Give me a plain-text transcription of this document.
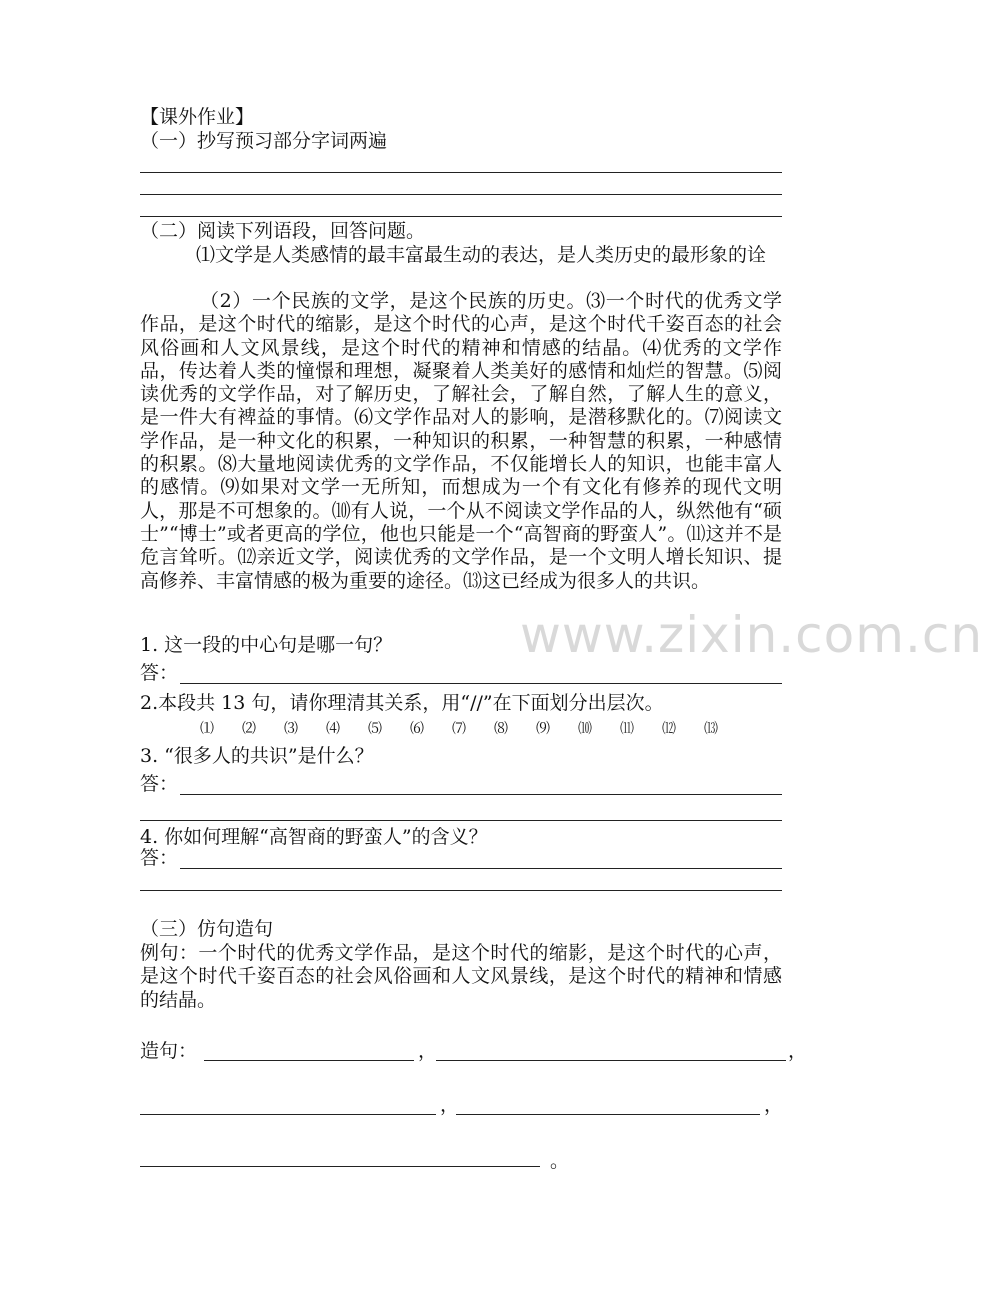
【课外作业】
（一）抄写预习部分字词两遍
（二）阅读下列语段，回答问题。
⑴文学是人类感情的最丰富最生动的表达，是人类历史的最形象的诠
（2）一个民族的文学，是这个民族的历史。⑶一个时代的优秀文学作品，是这个时代的缩影，是这个时代的心声，是这个时代千姿百态的社会风俗画和人文风景线，是这个时代的精神和情感的结晶。⑷优秀的文学作品，传达着人类的憧憬和理想，凝聚着人类美好的感情和灿烂的智慧。⑸阅读优秀的文学作品，对了解历史，了解社会，了解自然，了解人生的意义，是一件大有裨益的事情。⑹文学作品对人的影响，是潜移默化的。⑺阅读文学作品，是一种文化的积累，一种知识的积累，一种智慧的积累，一种感情的积累。⑻大量地阅读优秀的文学作品，不仅能增长人的知识，也能丰富人的感情。⑼如果对文学一无所知，而想成为一个有文化有修养的现代文明人，那是不可想象的。⑽有人说，一个从不阅读文学作品的人，纵然他有“硕士”“博士”或者更高的学位，他也只能是一个“高智商的野蛮人”。⑾这并不是危言耸听。⑿亲近文学，阅读优秀的文学作品，是一个文明人增长知识、提高修养、丰富情感的极为重要的途径。⒀这已经成为很多人的共识。
www.zixin.com.cn
1. 这一段的中心句是哪一句？
答：
2.本段共 13 句，请你理清其关系，用“//”在下面划分出层次。
⑴ ⑵ ⑶ ⑷ ⑸ ⑹ ⑺ ⑻ ⑼ ⑽ ⑾ ⑿ ⒀
3. “很多人的共识”是什么？
答：
4. 你如何理解“高智商的野蛮人”的含义？
答：
（三）仿句造句
例句：一个时代的优秀文学作品，是这个时代的缩影，是这个时代的心声，是这个时代千姿百态的社会风俗画和人文风景线，是这个时代的精神和情感的结晶。
造句：	，	，
，	，
。
